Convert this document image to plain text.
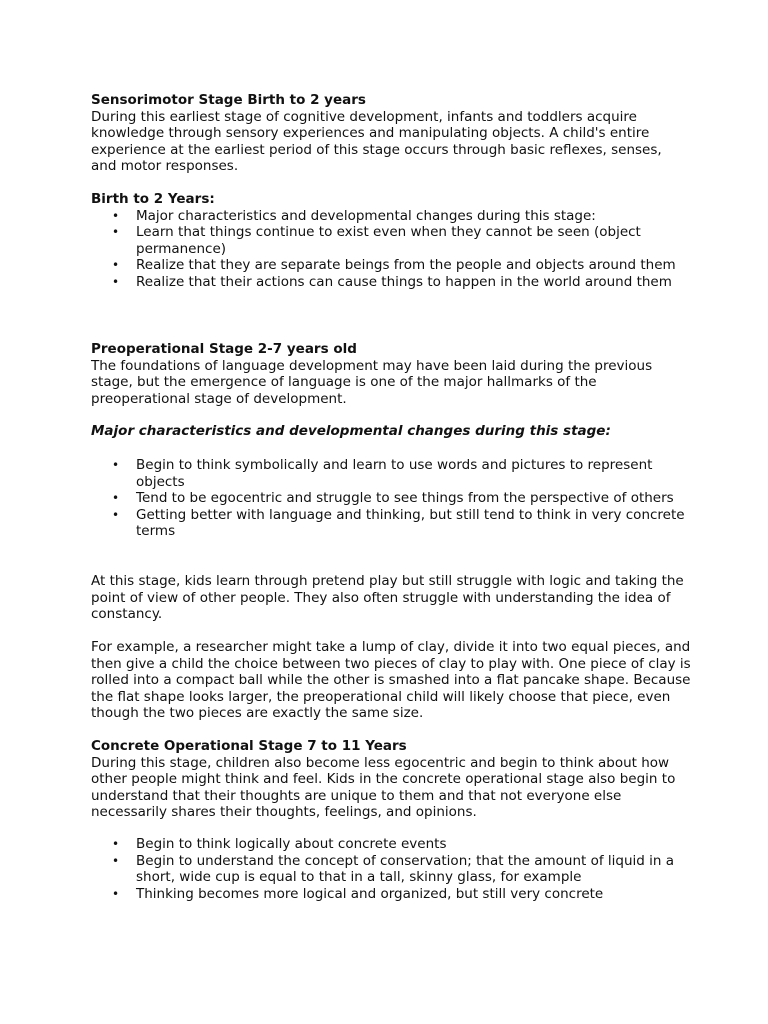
Sensorimotor Stage Birth to 2 years

During this earliest stage of cognitive development, infants and toddlers acquire knowledge through sensory experiences and manipulating objects. A child's entire experience at the earliest period of this stage occurs through basic reflexes, senses, and motor responses.

Birth to 2 Years:

• Major characteristics and developmental changes during this stage:
• Learn that things continue to exist even when they cannot be seen (object permanence)
• Realize that they are separate beings from the people and objects around them
• Realize that their actions can cause things to happen in the world around them

Preoperational Stage 2-7 years old

The foundations of language development may have been laid during the previous stage, but the emergence of language is one of the major hallmarks of the preoperational stage of development.

Major characteristics and developmental changes during this stage:

• Begin to think symbolically and learn to use words and pictures to represent objects
• Tend to be egocentric and struggle to see things from the perspective of others
• Getting better with language and thinking, but still tend to think in very concrete terms

At this stage, kids learn through pretend play but still struggle with logic and taking the point of view of other people. They also often struggle with understanding the idea of constancy.

For example, a researcher might take a lump of clay, divide it into two equal pieces, and then give a child the choice between two pieces of clay to play with. One piece of clay is rolled into a compact ball while the other is smashed into a flat pancake shape. Because the flat shape looks larger, the preoperational child will likely choose that piece, even though the two pieces are exactly the same size.

Concrete Operational Stage 7 to 11 Years

During this stage, children also become less egocentric and begin to think about how other people might think and feel. Kids in the concrete operational stage also begin to understand that their thoughts are unique to them and that not everyone else necessarily shares their thoughts, feelings, and opinions.

• Begin to think logically about concrete events
• Begin to understand the concept of conservation; that the amount of liquid in a short, wide cup is equal to that in a tall, skinny glass, for example
• Thinking becomes more logical and organized, but still very concrete
